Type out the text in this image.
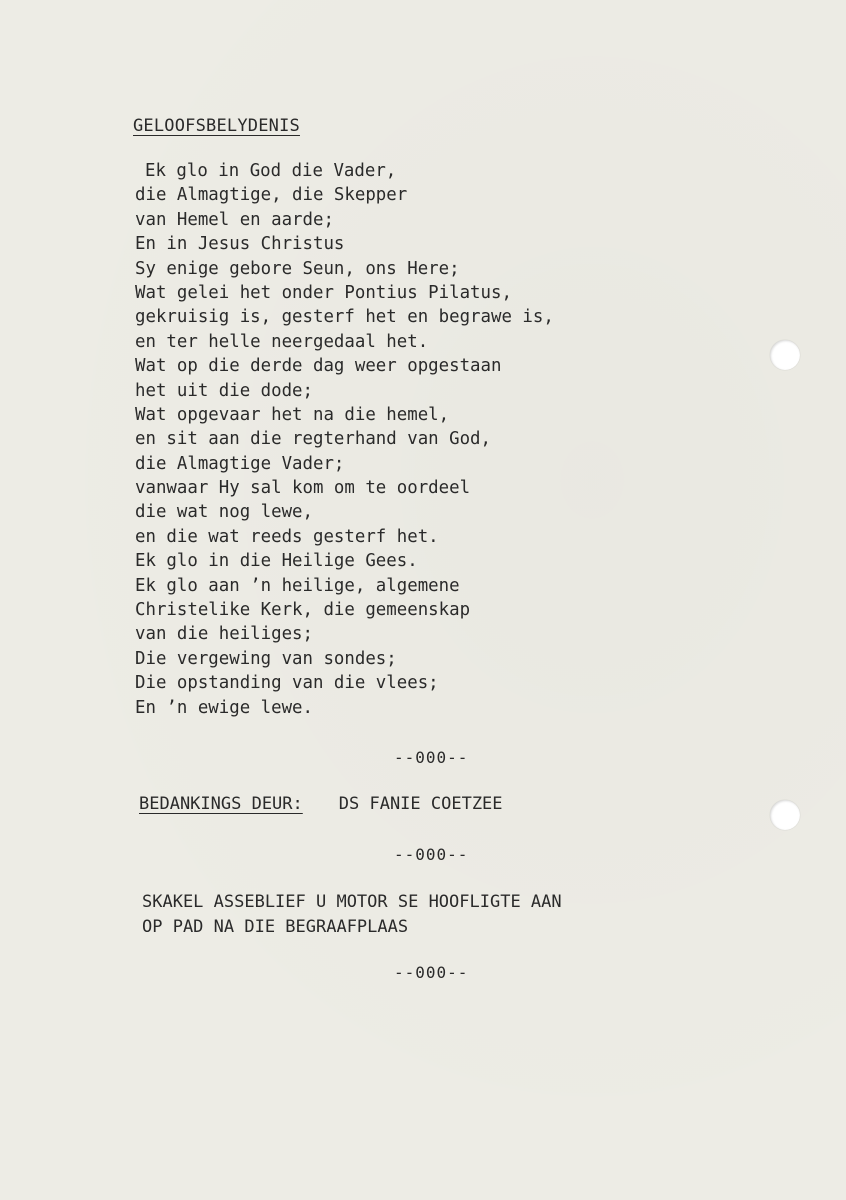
GELOOFSBELYDENIS
Ek glo in God die Vader,
die Almagtige, die Skepper
van Hemel en aarde;
En in Jesus Christus
Sy enige gebore Seun, ons Here;
Wat gelei het onder Pontius Pilatus,
gekruisig is, gesterf het en begrawe is,
en ter helle neergedaal het.
Wat op die derde dag weer opgestaan
het uit die dode;
Wat opgevaar het na die hemel,
en sit aan die regterhand van God,
die Almagtige Vader;
vanwaar Hy sal kom om te oordeel
die wat nog lewe,
en die wat reeds gesterf het.
Ek glo in die Heilige Gees.
Ek glo aan ’n heilige, algemene
Christelike Kerk, die gemeenskap
van die heiliges;
Die vergewing van sondes;
Die opstanding van die vlees;
En ’n ewige lewe.
--000--
BEDANKINGS DEUR: DS FANIE COETZEE
--000--
SKAKEL ASSEBLIEF U MOTOR SE HOOFLIGTE AAN
OP PAD NA DIE BEGRAAFPLAAS
--000--
